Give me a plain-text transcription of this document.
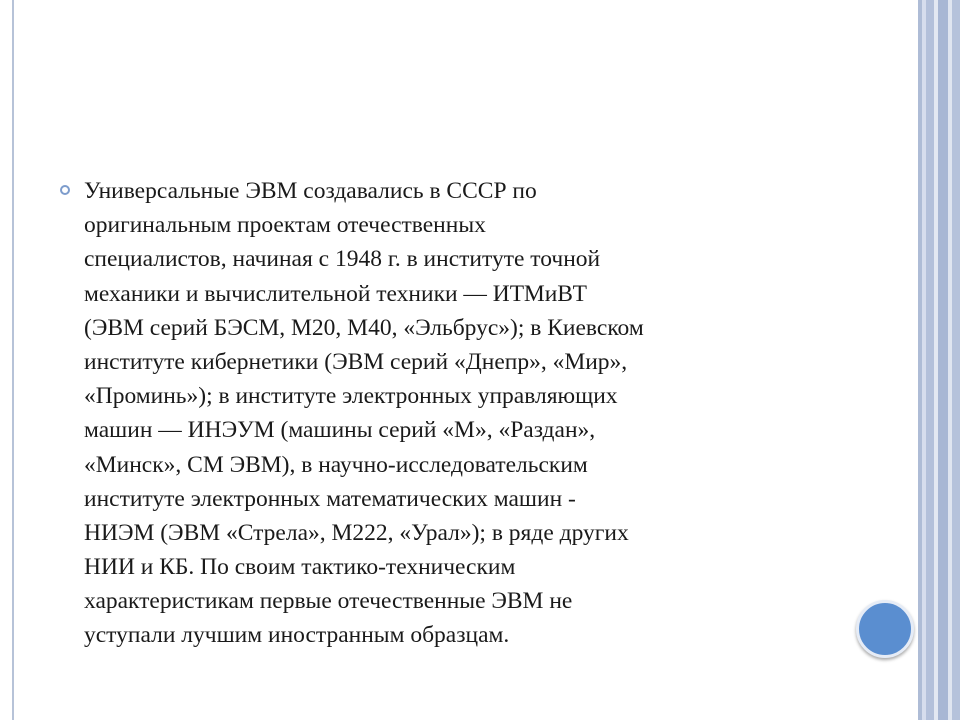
Универсальные ЭВМ создавались в СССР по
оригинальным проектам отечественных
специалистов, начиная с 1948 г. в институте точной
механики и вычислительной техники — ИТМиВТ
(ЭВМ серий БЭСМ, М20, М40, «Эльбрус»); в Киевском
институте кибернетики (ЭВМ серий «Днепр», «Мир»,
«Проминь»); в институте электронных управляющих
машин — ИНЭУМ (машины серий «М», «Раздан»,
«Минск», СМ ЭВМ), в научно-исследовательским
институте электронных математических машин -
НИЭМ (ЭВМ «Стрела», М222, «Урал»); в ряде других
НИИ и КБ. По своим тактико-техническим
характеристикам первые отечественные ЭВМ не
уступали лучшим иностранным образцам.
